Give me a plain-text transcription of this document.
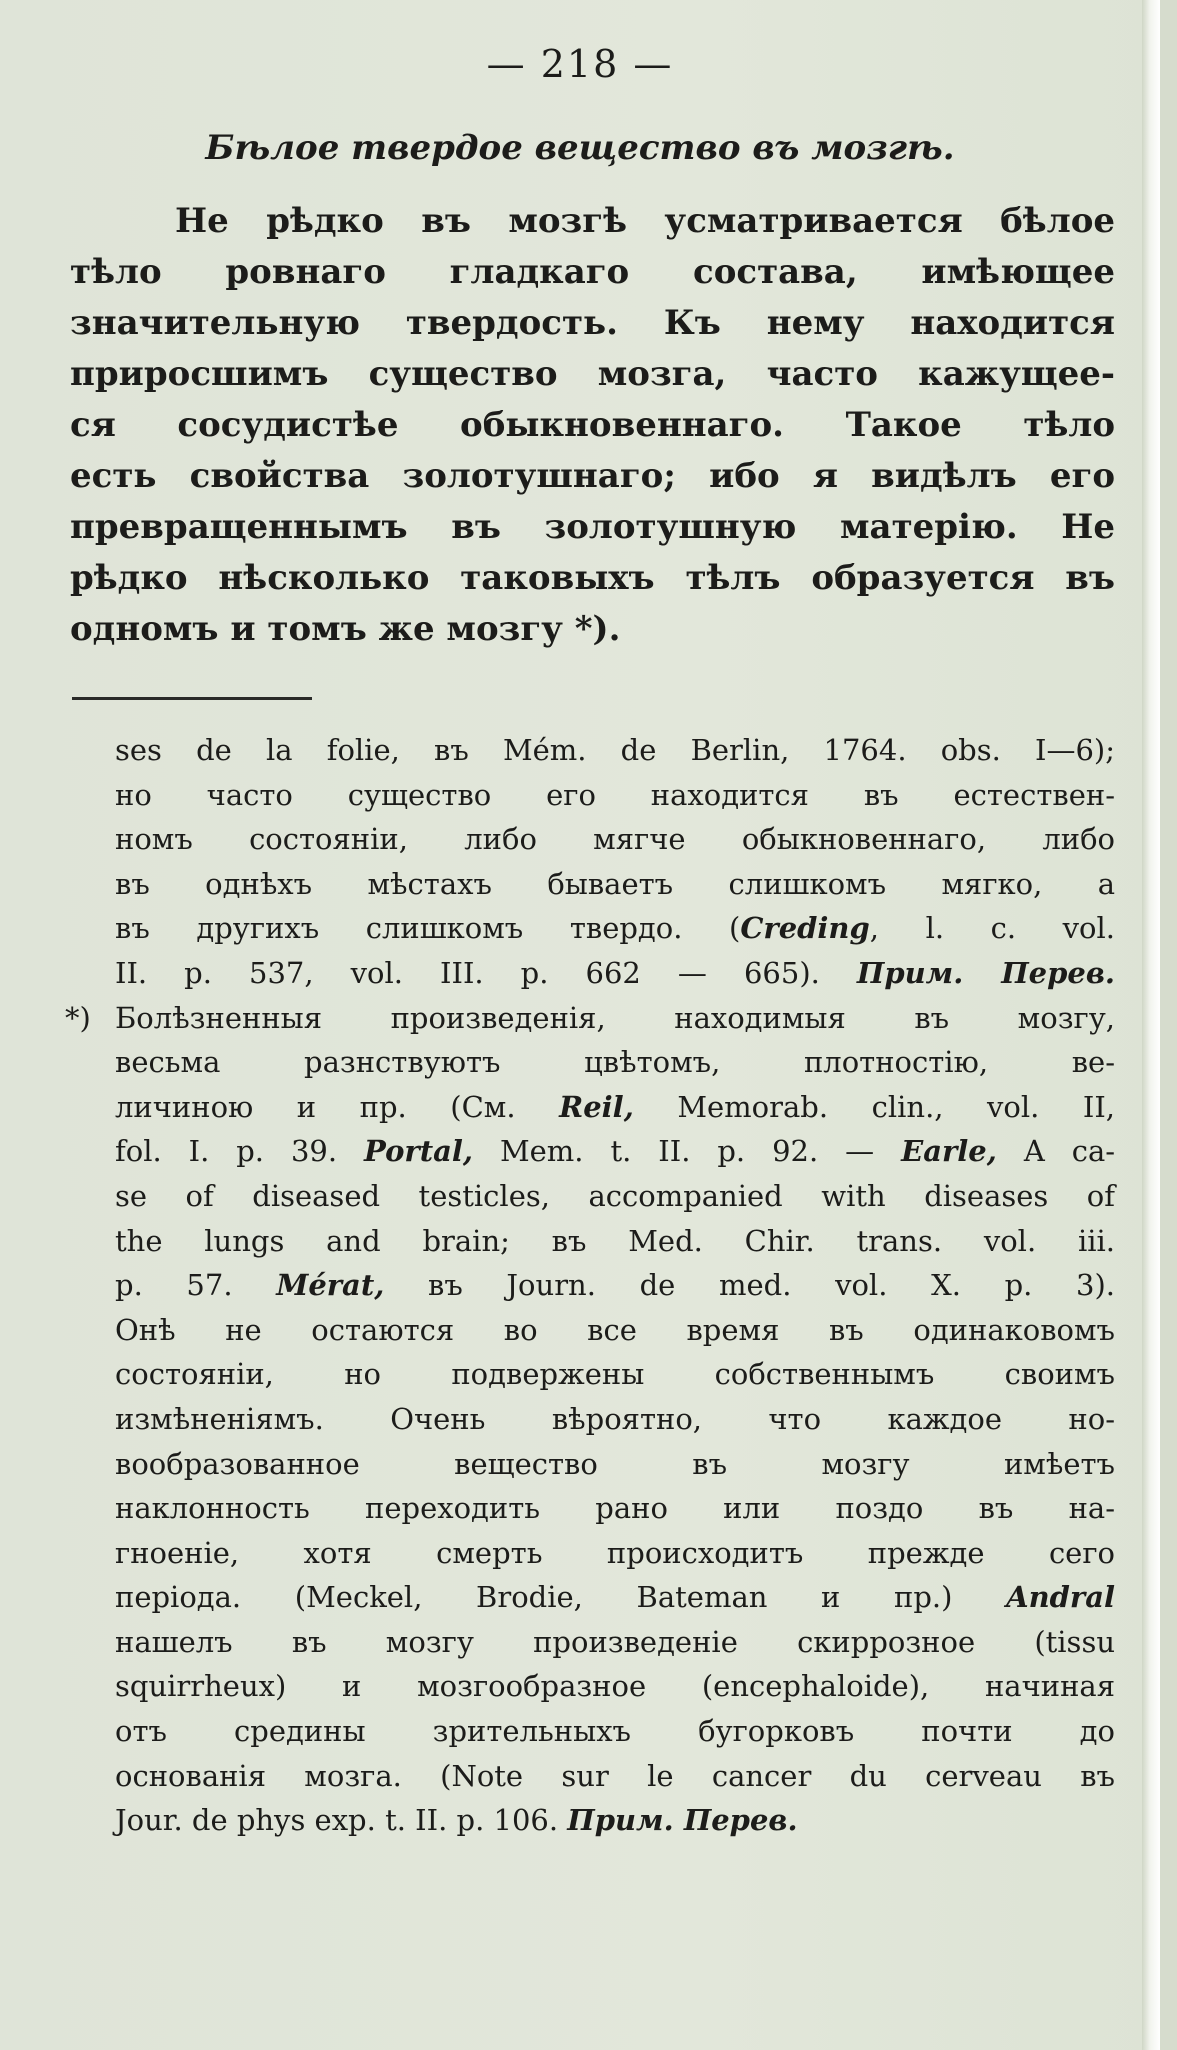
— 218 —
Бѣлое твердое вещество въ мозгѣ.
Не рѣдко въ мозгѣ усматривается бѣлое
тѣло ровнаго гладкаго состава, имѣющее
значительную твердость. Къ нему находится
приросшимъ существо мозга, часто кажущее-
ся сосудистѣе обыкновеннаго. Такое тѣло
есть свойства золотушнаго; ибо я видѣлъ его
превращеннымъ въ золотушную матерію. Не
рѣдко нѣсколько таковыхъ тѣлъ образуется въ
одномъ и томъ же мозгу *).
ses de la folie, въ Mém. de Berlin, 1764. obs. I—6);
но часто существо его находится въ естествен-
номъ состояніи, либо мягче обыкновеннаго, либо
въ однѣхъ мѣстахъ бываетъ слишкомъ мягко, а
въ другихъ слишкомъ твердо. (Creding, l. c. vol.
II. p. 537, vol. III. p. 662 — 665). Прим. Перев.
*) Болѣзненныя произведенія, находимыя въ мозгу,
весьма разнствуютъ цвѣтомъ, плотностію, ве-
личиною и пр. (См. Reil, Memorab. clin., vol. II,
fol. I. p. 39. Portal, Mem. t. II. p. 92. — Earle, A ca-
se of diseased testicles, accompanied with diseases of
the lungs and brain; въ Med. Chir. trans. vol. iii.
p. 57. Mérat, въ Journ. de med. vol. X. p. 3).
Онѣ не остаются во все время въ одинаковомъ
состояніи, но подвержены собственнымъ своимъ
измѣненіямъ. Очень вѣроятно, что каждое но-
вообразованное вещество въ мозгу имѣетъ
наклонность переходить рано или поздо въ на-
гноеніе, хотя смерть происходитъ прежде сего
періода. (Meckel, Brodie, Bateman и пр.) Andral
нашелъ въ мозгу произведеніе скиррозное (tissu
squirrheux) и мозгообразное (encephaloide), начиная
отъ средины зрительныхъ бугорковъ почти до
основанія мозга. (Note sur le cancer du cerveau въ
Jour. de phys exp. t. II. p. 106. Прим. Перев.
